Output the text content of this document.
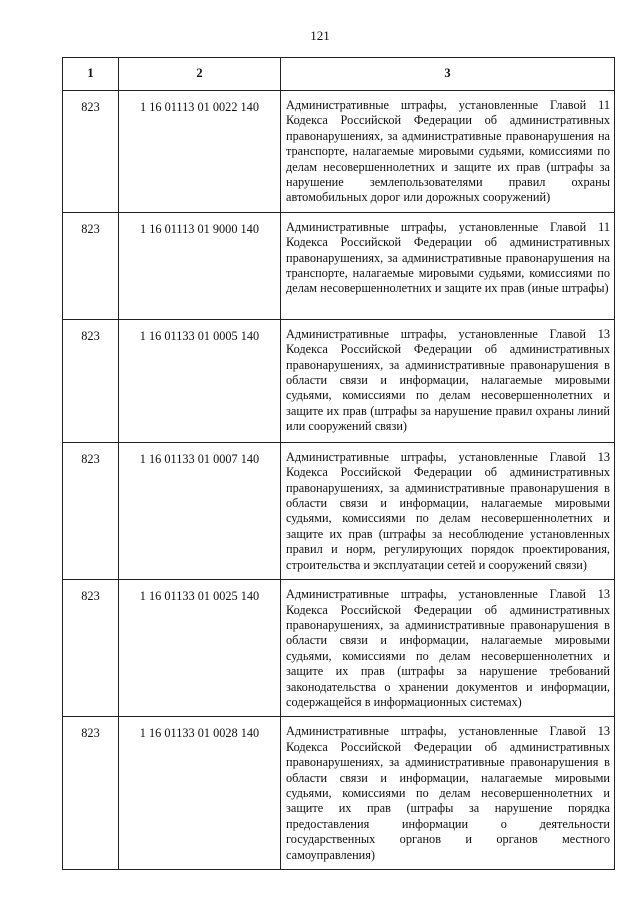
121
1	2	3
823	1 16 01113 01 0022 140	Административные штрафы, установленные Главой 11 Кодекса Российской Федерации об административных правонарушениях, за административные правонарушения на транспорте, налагаемые мировыми судьями, комиссиями по делам несовершеннолетних и защите их прав (штрафы за нарушение землепользователями правил охраны автомобильных дорог или дорожных сооружений)
823	1 16 01113 01 9000 140	Административные штрафы, установленные Главой 11 Кодекса Российской Федерации об административных правонарушениях, за административные правонарушения на транспорте, налагаемые мировыми судьями, комиссиями по делам несовершеннолетних и защите их прав (иные штрафы)
823	1 16 01133 01 0005 140	Административные штрафы, установленные Главой 13 Кодекса Российской Федерации об административных правонарушениях, за административные правонарушения в области связи и информации, налагаемые мировыми судьями, комиссиями по делам несовершеннолетних и защите их прав (штрафы за нарушение правил охраны линий или сооружений связи)
823	1 16 01133 01 0007 140	Административные штрафы, установленные Главой 13 Кодекса Российской Федерации об административных правонарушениях, за административные правонарушения в области связи и информации, налагаемые мировыми судьями, комиссиями по делам несовершеннолетних и защите их прав (штрафы за несоблюдение установленных правил и норм, регулирующих порядок проектирования, строительства и эксплуатации сетей и сооружений связи)
823	1 16 01133 01 0025 140	Административные штрафы, установленные Главой 13 Кодекса Российской Федерации об административных правонарушениях, за административные правонарушения в области связи и информации, налагаемые мировыми судьями, комиссиями по делам несовершеннолетних и защите их прав (штрафы за нарушение требований законодательства о хранении документов и информации, содержащейся в информационных системах)
823	1 16 01133 01 0028 140	Административные штрафы, установленные Главой 13 Кодекса Российской Федерации об административных правонарушениях, за административные правонарушения в области связи и информации, налагаемые мировыми судьями, комиссиями по делам несовершеннолетних и защите их прав (штрафы за нарушение порядка предоставления информации о деятельности государственных органов и органов местного самоуправления)
